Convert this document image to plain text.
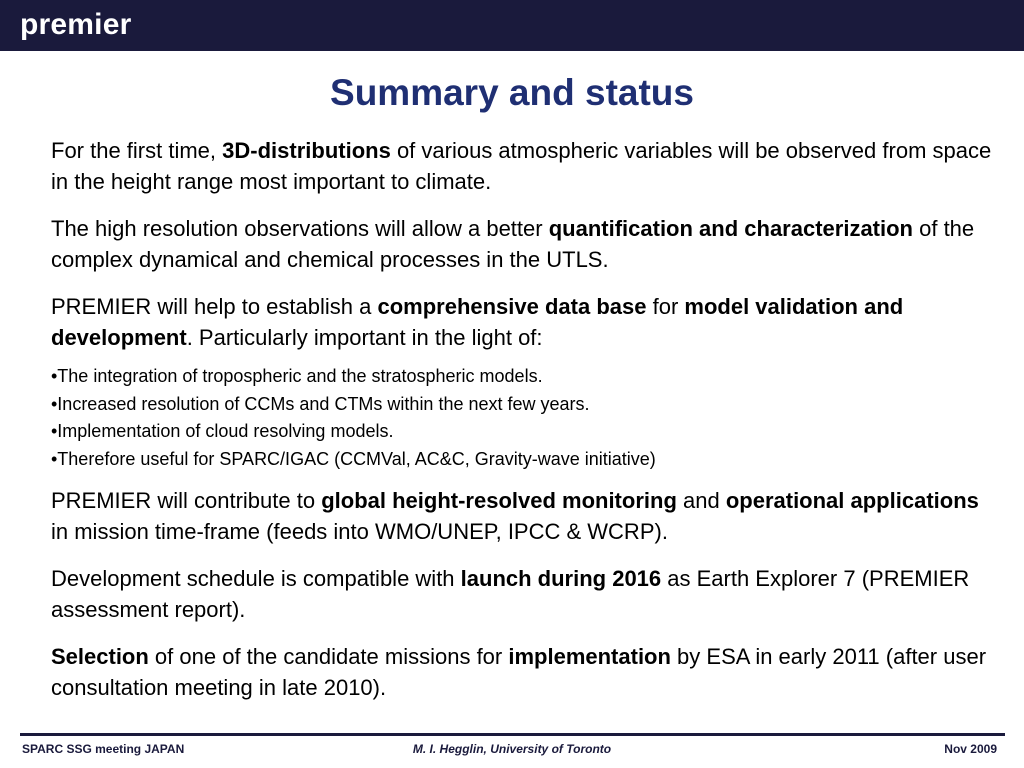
premier
Summary and status

For the first time, 3D-distributions of various atmospheric variables will be observed from space in the height range most important to climate.

The high resolution observations will allow a better quantification and characterization of the complex dynamical and chemical processes in the UTLS.

PREMIER will help to establish a comprehensive data base for model validation and development. Particularly important in the light of:

•The integration of tropospheric and the stratospheric models.
•Increased resolution of CCMs and CTMs within the next few years.
•Implementation of cloud resolving models.
•Therefore useful for SPARC/IGAC (CCMVal, AC&C, Gravity-wave initiative)

PREMIER will contribute to global height-resolved monitoring and operational applications in mission time-frame (feeds into WMO/UNEP, IPCC & WCRP).

Development schedule is compatible with launch during 2016 as Earth Explorer 7 (PREMIER assessment report).

Selection of one of the candidate missions for implementation by ESA in early 2011 (after user consultation meeting in late 2010).

SPARC SSG meeting JAPAN	M. I. Hegglin, University of Toronto	Nov 2009
